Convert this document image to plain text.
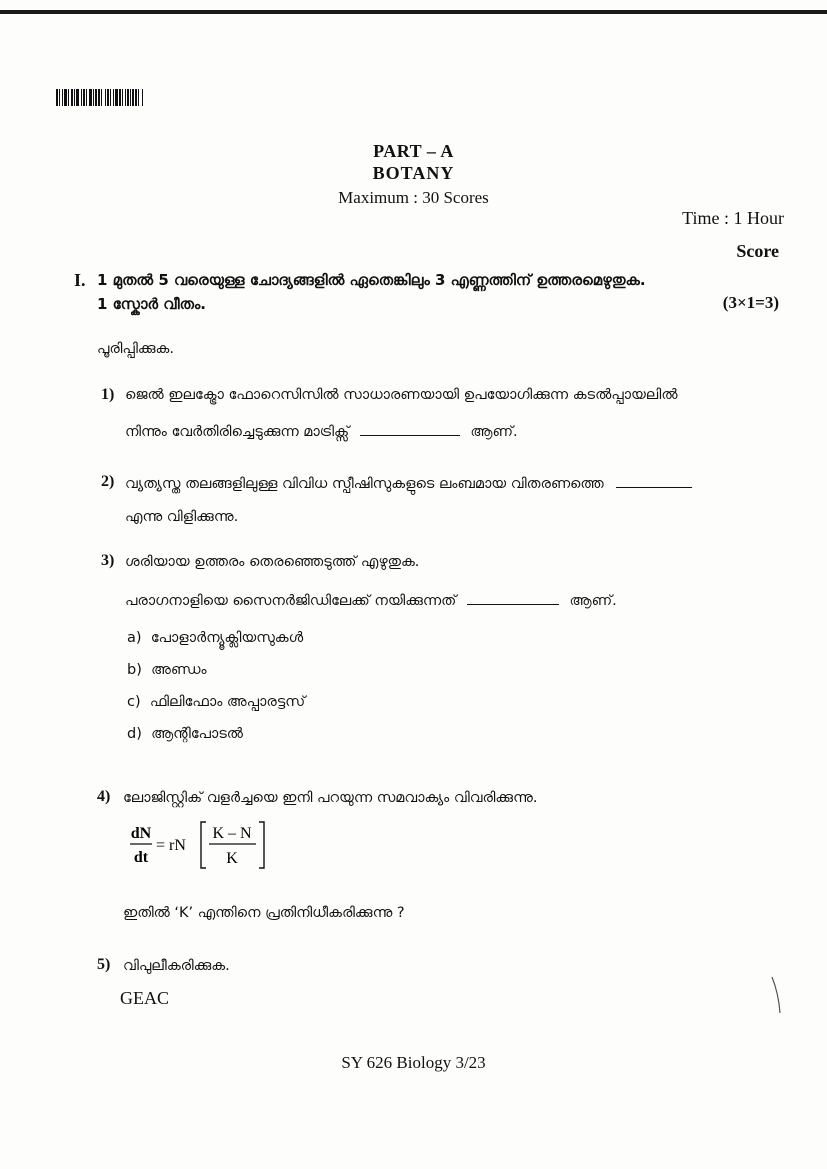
PART – A
BOTANY
Maximum : 30 Scores
Time : 1 Hour
Score
I. 1 മുതൽ 5 വരെയുള്ള ചോദ്യങ്ങളിൽ ഏതെങ്കിലും 3 എണ്ണത്തിന് ഉത്തരമെഴുതുക.
1 സ്കോർ വീതം.	(3×1=3)
പൂരിപ്പിക്കുക.
1) ജെൽ ഇലക്ട്രോ ഫോറെസിസിൽ സാധാരണയായി ഉപയോഗിക്കുന്ന കടൽപ്പായലിൽ
നിന്നും വേർതിരിച്ചെടുക്കുന്ന മാട്രിക്സ്	ആണ്.
2) വ്യത്യസ്ത തലങ്ങളിലുള്ള വിവിധ സ്പീഷിസുകളുടെ ലംബമായ വിതരണത്തെ
എന്നു വിളിക്കുന്നു.
3) ശരിയായ ഉത്തരം തെരഞ്ഞെടുത്ത് എഴുതുക.
പരാഗനാളിയെ സൈനർജിഡിലേക്ക് നയിക്കുന്നത്	ആണ്.
a) പോളാർന്യൂക്ലിയസുകൾ
b) അണ്ഡം
c) ഫിലിഫോം അപ്പാരട്ടസ്
d) ആന്റിപോടൽ
4) ലോജിസ്റ്റിക് വളർച്ചയെ ഇനി പറയുന്ന സമവാക്യം വിവരിക്കുന്നു.
dN
dt
= rN
K – N
K
ഇതിൽ ‘K’ എന്തിനെ പ്രതിനിധീകരിക്കുന്നു ?
5) വിപുലീകരിക്കുക.
GEAC
SY 626 Biology 3/23
